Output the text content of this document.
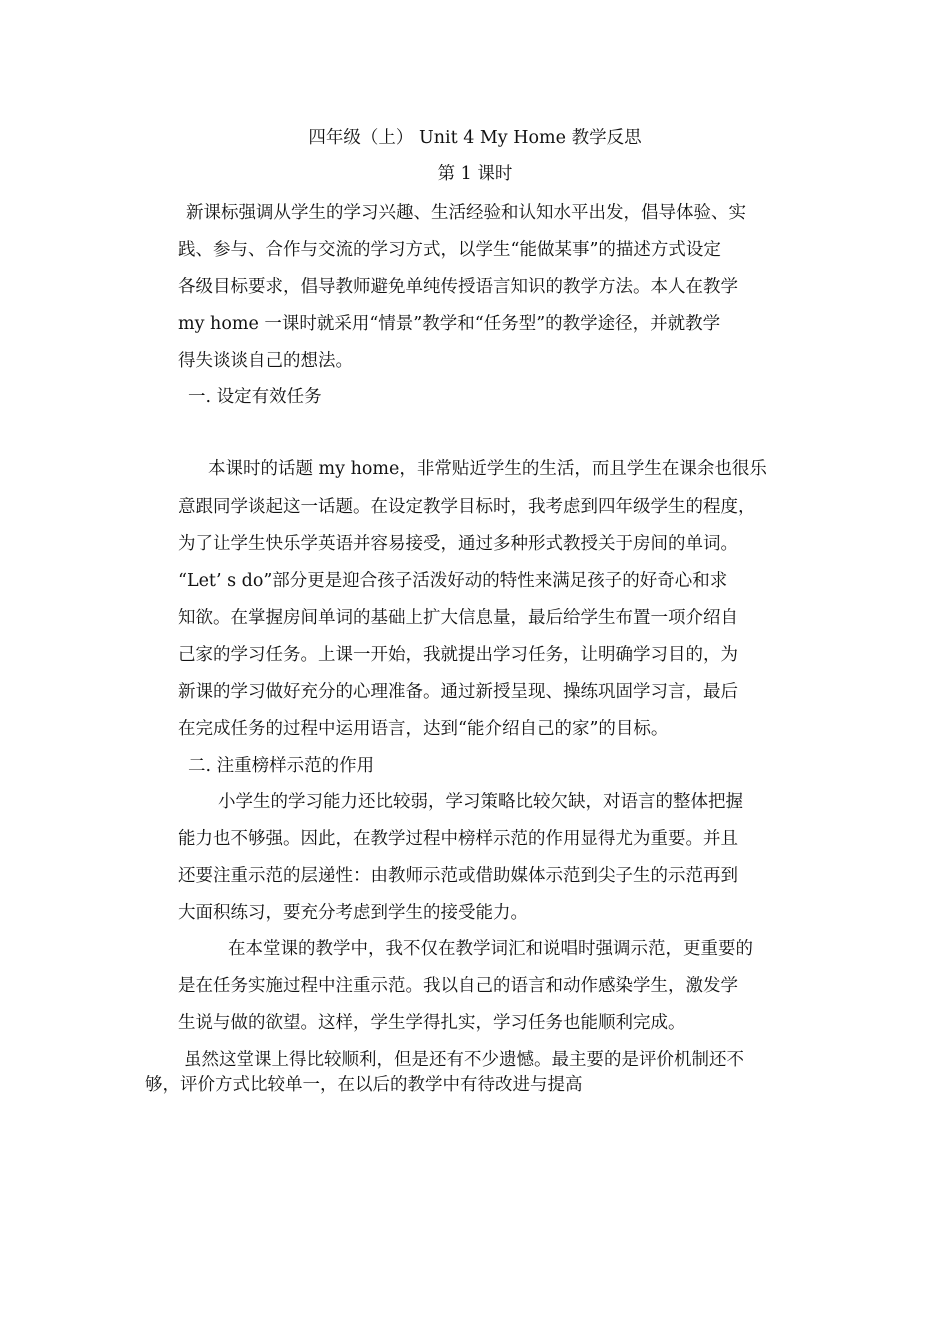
四年级（上） Unit 4 My Home 教学反思
第 1 课时
新课标强调从学生的学习兴趣、生活经验和认知水平出发，倡导体验、实
践、参与、合作与交流的学习方式，以学生“能做某事”的描述方式设定
各级目标要求，倡导教师避免单纯传授语言知识的教学方法。本人在教学
my home 一课时就采用“情景”教学和“任务型”的教学途径，并就教学
得失谈谈自己的想法。
一. 设定有效任务
本课时的话题 my home，非常贴近学生的生活，而且学生在课余也很乐
意跟同学谈起这一话题。在设定教学目标时，我考虑到四年级学生的程度，
为了让学生快乐学英语并容易接受，通过多种形式教授关于房间的单词。
“Let’ s do”部分更是迎合孩子活泼好动的特性来满足孩子的好奇心和求
知欲。在掌握房间单词的基础上扩大信息量，最后给学生布置一项介绍自
己家的学习任务。上课一开始，我就提出学习任务，让明确学习目的，为
新课的学习做好充分的心理准备。通过新授呈现、操练巩固学习言，最后
在完成任务的过程中运用语言，达到“能介绍自己的家”的目标。
二. 注重榜样示范的作用
小学生的学习能力还比较弱，学习策略比较欠缺，对语言的整体把握
能力也不够强。因此，在教学过程中榜样示范的作用显得尤为重要。并且
还要注重示范的层递性：由教师示范或借助媒体示范到尖子生的示范再到
大面积练习，要充分考虑到学生的接受能力。
在本堂课的教学中，我不仅在教学词汇和说唱时强调示范，更重要的
是在任务实施过程中注重示范。我以自己的语言和动作感染学生，激发学
生说与做的欲望。这样，学生学得扎实，学习任务也能顺利完成。
虽然这堂课上得比较顺利，但是还有不少遗憾。最主要的是评价机制还不
够，评价方式比较单一，在以后的教学中有待改进与提高
